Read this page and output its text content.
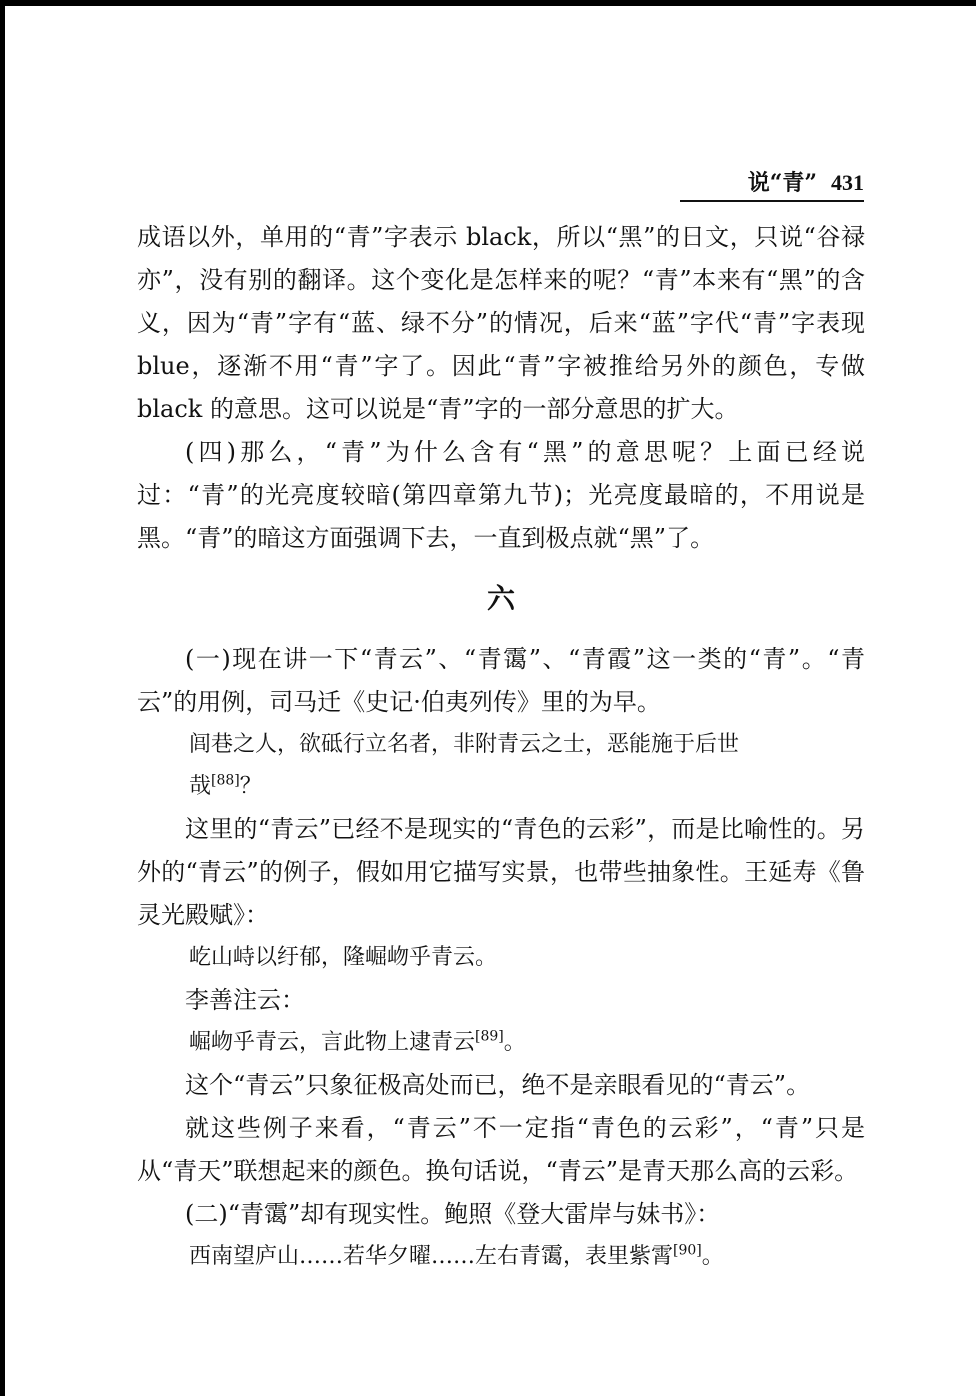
说“青” 431

成语以外，单用的“青”字表示 black，所以“黑”的日文，只说“谷禄亦”，没有别的翻译。这个变化是怎样来的呢？“青”本来有“黑”的含义，因为“青”字有“蓝、绿不分”的情况，后来“蓝”字代“青”字表现 blue，逐渐不用“青”字了。因此“青”字被推给另外的颜色，专做 black 的意思。这可以说是“青”字的一部分意思的扩大。

(四)那么，“青”为什么含有“黑”的意思呢？上面已经说过：“青”的光亮度较暗(第四章第九节)；光亮度最暗的，不用说是黑。“青”的暗这方面强调下去，一直到极点就“黑”了。

六

(一)现在讲一下“青云”、“青霭”、“青霞”这一类的“青”。“青云”的用例，司马迁《史记·伯夷列传》里的为早。

闾巷之人，欲砥行立名者，非附青云之士，恶能施于后世

哉[88]？

这里的“青云”已经不是现实的“青色的云彩”，而是比喻性的。另外的“青云”的例子，假如用它描写实景，也带些抽象性。王延寿《鲁灵光殿赋》：

屹山峙以纡郁，隆崛岉乎青云。

李善注云：

崛岉乎青云，言此物上逮青云[89]。

这个“青云”只象征极高处而已，绝不是亲眼看见的“青云”。

就这些例子来看，“青云”不一定指“青色的云彩”，“青”只是从“青天”联想起来的颜色。换句话说，“青云”是青天那么高的云彩。

(二)“青霭”却有现实性。鲍照《登大雷岸与妹书》：

西南望庐山……若华夕曜……左右青霭，表里紫霄[90]。
